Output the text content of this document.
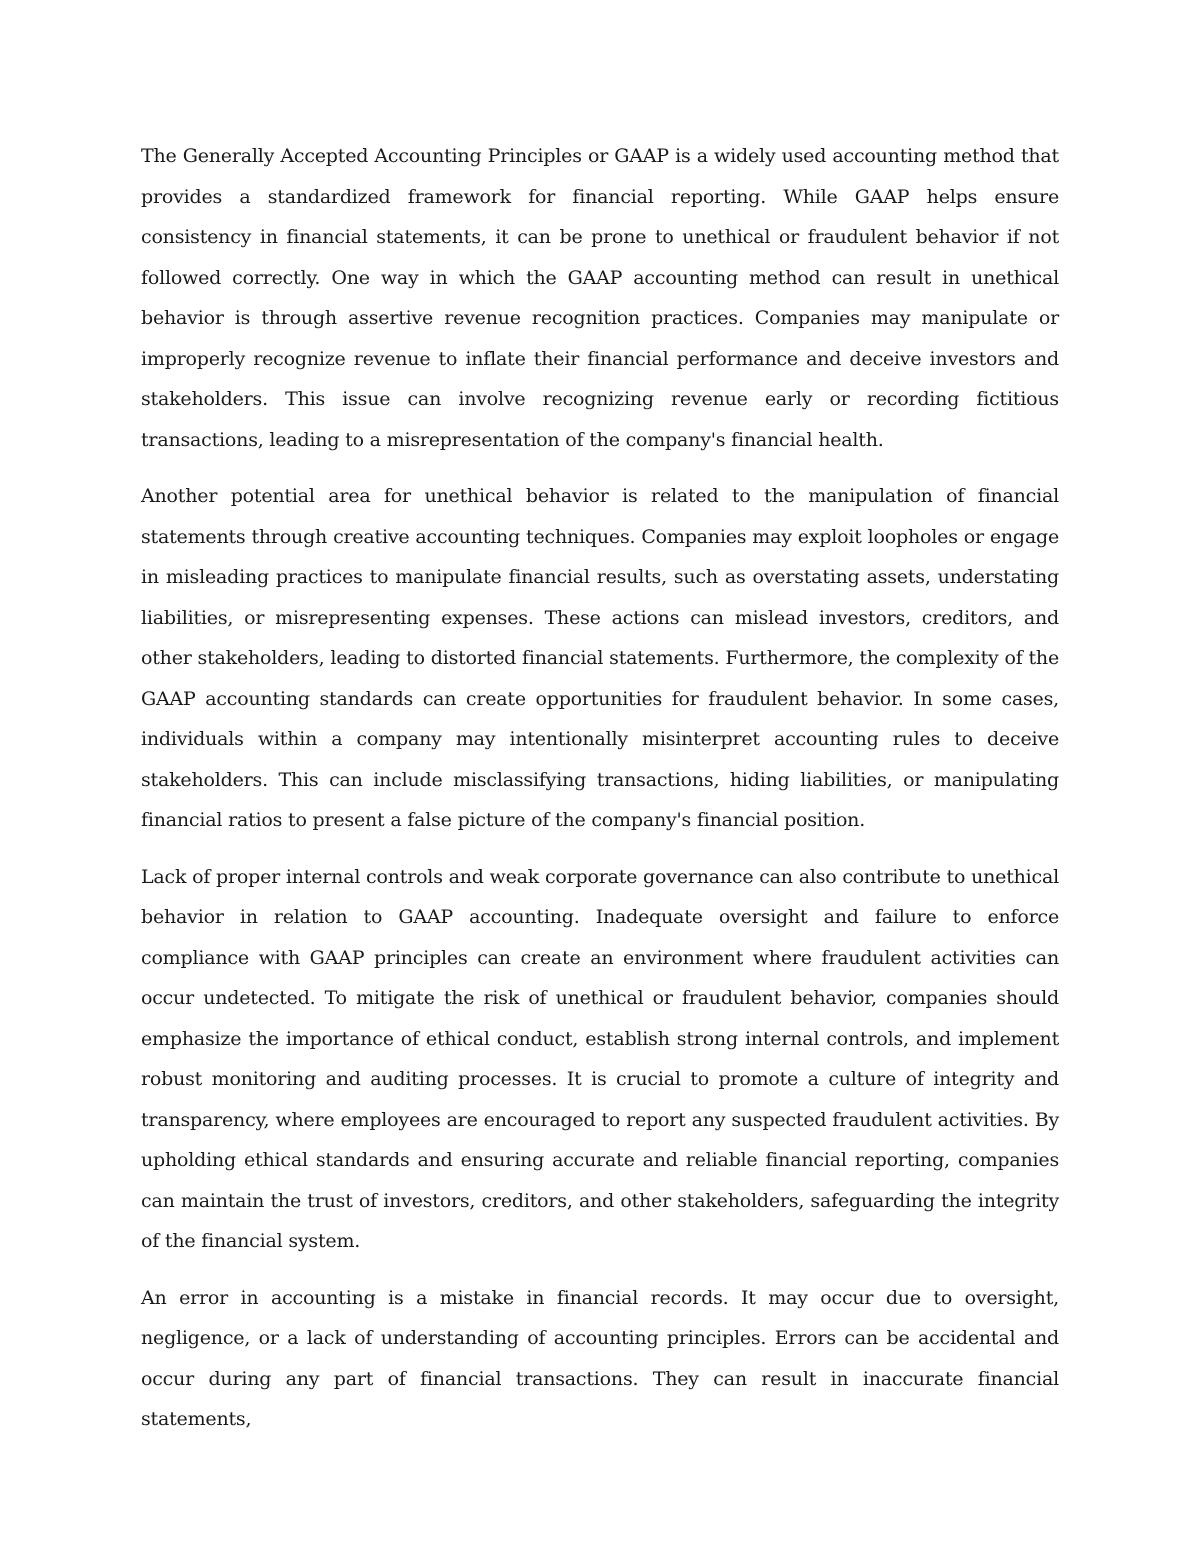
The Generally Accepted Accounting Principles or GAAP is a widely used accounting method that provides a standardized framework for financial reporting. While GAAP helps ensure consistency in financial statements, it can be prone to unethical or fraudulent behavior if not followed correctly. One way in which the GAAP accounting method can result in unethical behavior is through assertive revenue recognition practices. Companies may manipulate or improperly recognize revenue to inflate their financial performance and deceive investors and stakeholders. This issue can involve recognizing revenue early or recording fictitious transactions, leading to a misrepresentation of the company's financial health.

Another potential area for unethical behavior is related to the manipulation of financial statements through creative accounting techniques. Companies may exploit loopholes or engage in misleading practices to manipulate financial results, such as overstating assets, understating liabilities, or misrepresenting expenses. These actions can mislead investors, creditors, and other stakeholders, leading to distorted financial statements. Furthermore, the complexity of the GAAP accounting standards can create opportunities for fraudulent behavior. In some cases, individuals within a company may intentionally misinterpret accounting rules to deceive stakeholders. This can include misclassifying transactions, hiding liabilities, or manipulating financial ratios to present a false picture of the company's financial position.

Lack of proper internal controls and weak corporate governance can also contribute to unethical behavior in relation to GAAP accounting. Inadequate oversight and failure to enforce compliance with GAAP principles can create an environment where fraudulent activities can occur undetected. To mitigate the risk of unethical or fraudulent behavior, companies should emphasize the importance of ethical conduct, establish strong internal controls, and implement robust monitoring and auditing processes. It is crucial to promote a culture of integrity and transparency, where employees are encouraged to report any suspected fraudulent activities. By upholding ethical standards and ensuring accurate and reliable financial reporting, companies can maintain the trust of investors, creditors, and other stakeholders, safeguarding the integrity of the financial system.

An error in accounting is a mistake in financial records. It may occur due to oversight, negligence, or a lack of understanding of accounting principles. Errors can be accidental and occur during any part of financial transactions. They can result in inaccurate financial statements,
